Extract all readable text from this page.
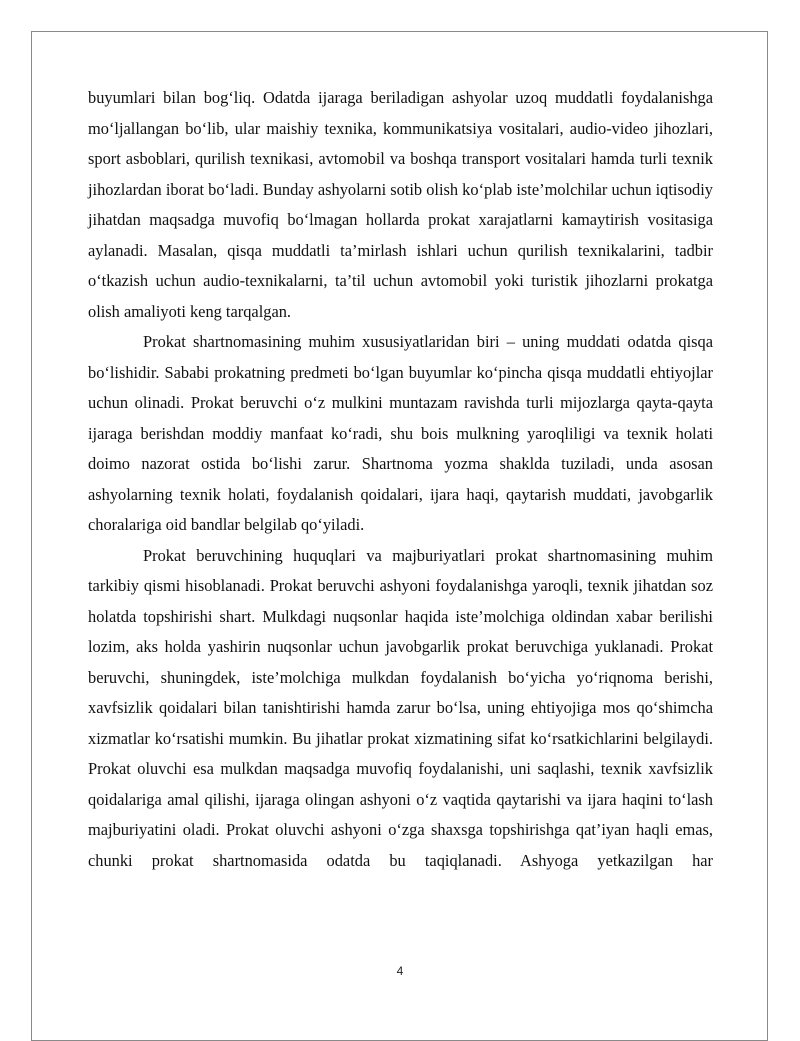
buyumlari bilan bog‘liq. Odatda ijaraga beriladigan ashyolar uzoq muddatli foydalanishga mo‘ljallangan bo‘lib, ular maishiy texnika, kommunikatsiya vositalari, audio-video jihozlari, sport asboblari, qurilish texnikasi, avtomobil va boshqa transport vositalari hamda turli texnik jihozlardan iborat bo‘ladi. Bunday ashyolarni sotib olish ko‘plab iste’molchilar uchun iqtisodiy jihatdan maqsadga muvofiq bo‘lmagan hollarda prokat xarajatlarni kamaytirish vositasiga aylanadi. Masalan, qisqa muddatli ta’mirlash ishlari uchun qurilish texnikalarini, tadbir o‘tkazish uchun audio-texnikalarni, ta’til uchun avtomobil yoki turistik jihozlarni prokatga olish amaliyoti keng tarqalgan.

Prokat shartnomasining muhim xususiyatlaridan biri – uning muddati odatda qisqa bo‘lishidir. Sababi prokatning predmeti bo‘lgan buyumlar ko‘pincha qisqa muddatli ehtiyojlar uchun olinadi. Prokat beruvchi o‘z mulkini muntazam ravishda turli mijozlarga qayta-qayta ijaraga berishdan moddiy manfaat ko‘radi, shu bois mulkning yaroqliligi va texnik holati doimo nazorat ostida bo‘lishi zarur. Shartnoma yozma shaklda tuziladi, unda asosan ashyolarning texnik holati, foydalanish qoidalari, ijara haqi, qaytarish muddati, javobgarlik choralariga oid bandlar belgilab qo‘yiladi.

Prokat beruvchining huquqlari va majburiyatlari prokat shartnomasining muhim tarkibiy qismi hisoblanadi. Prokat beruvchi ashyoni foydalanishga yaroqli, texnik jihatdan soz holatda topshirishi shart. Mulkdagi nuqsonlar haqida iste’molchiga oldindan xabar berilishi lozim, aks holda yashirin nuqsonlar uchun javobgarlik prokat beruvchiga yuklanadi. Prokat beruvchi, shuningdek, iste’molchiga mulkdan foydalanish bo‘yicha yo‘riqnoma berishi, xavfsizlik qoidalari bilan tanishtirishi hamda zarur bo‘lsa, uning ehtiyojiga mos qo‘shimcha xizmatlar ko‘rsatishi mumkin. Bu jihatlar prokat xizmatining sifat ko‘rsatkichlarini belgilaydi. Prokat oluvchi esa mulkdan maqsadga muvofiq foydalanishi, uni saqlashi, texnik xavfsizlik qoidalariga amal qilishi, ijaraga olingan ashyoni o‘z vaqtida qaytarishi va ijara haqini to‘lash majburiyatini oladi. Prokat oluvchi ashyoni o‘zga shaxsga topshirishga qat’iyan haqli emas, chunki prokat shartnomasida odatda bu taqiqlanadi. Ashyoga yetkazilgan har

4
